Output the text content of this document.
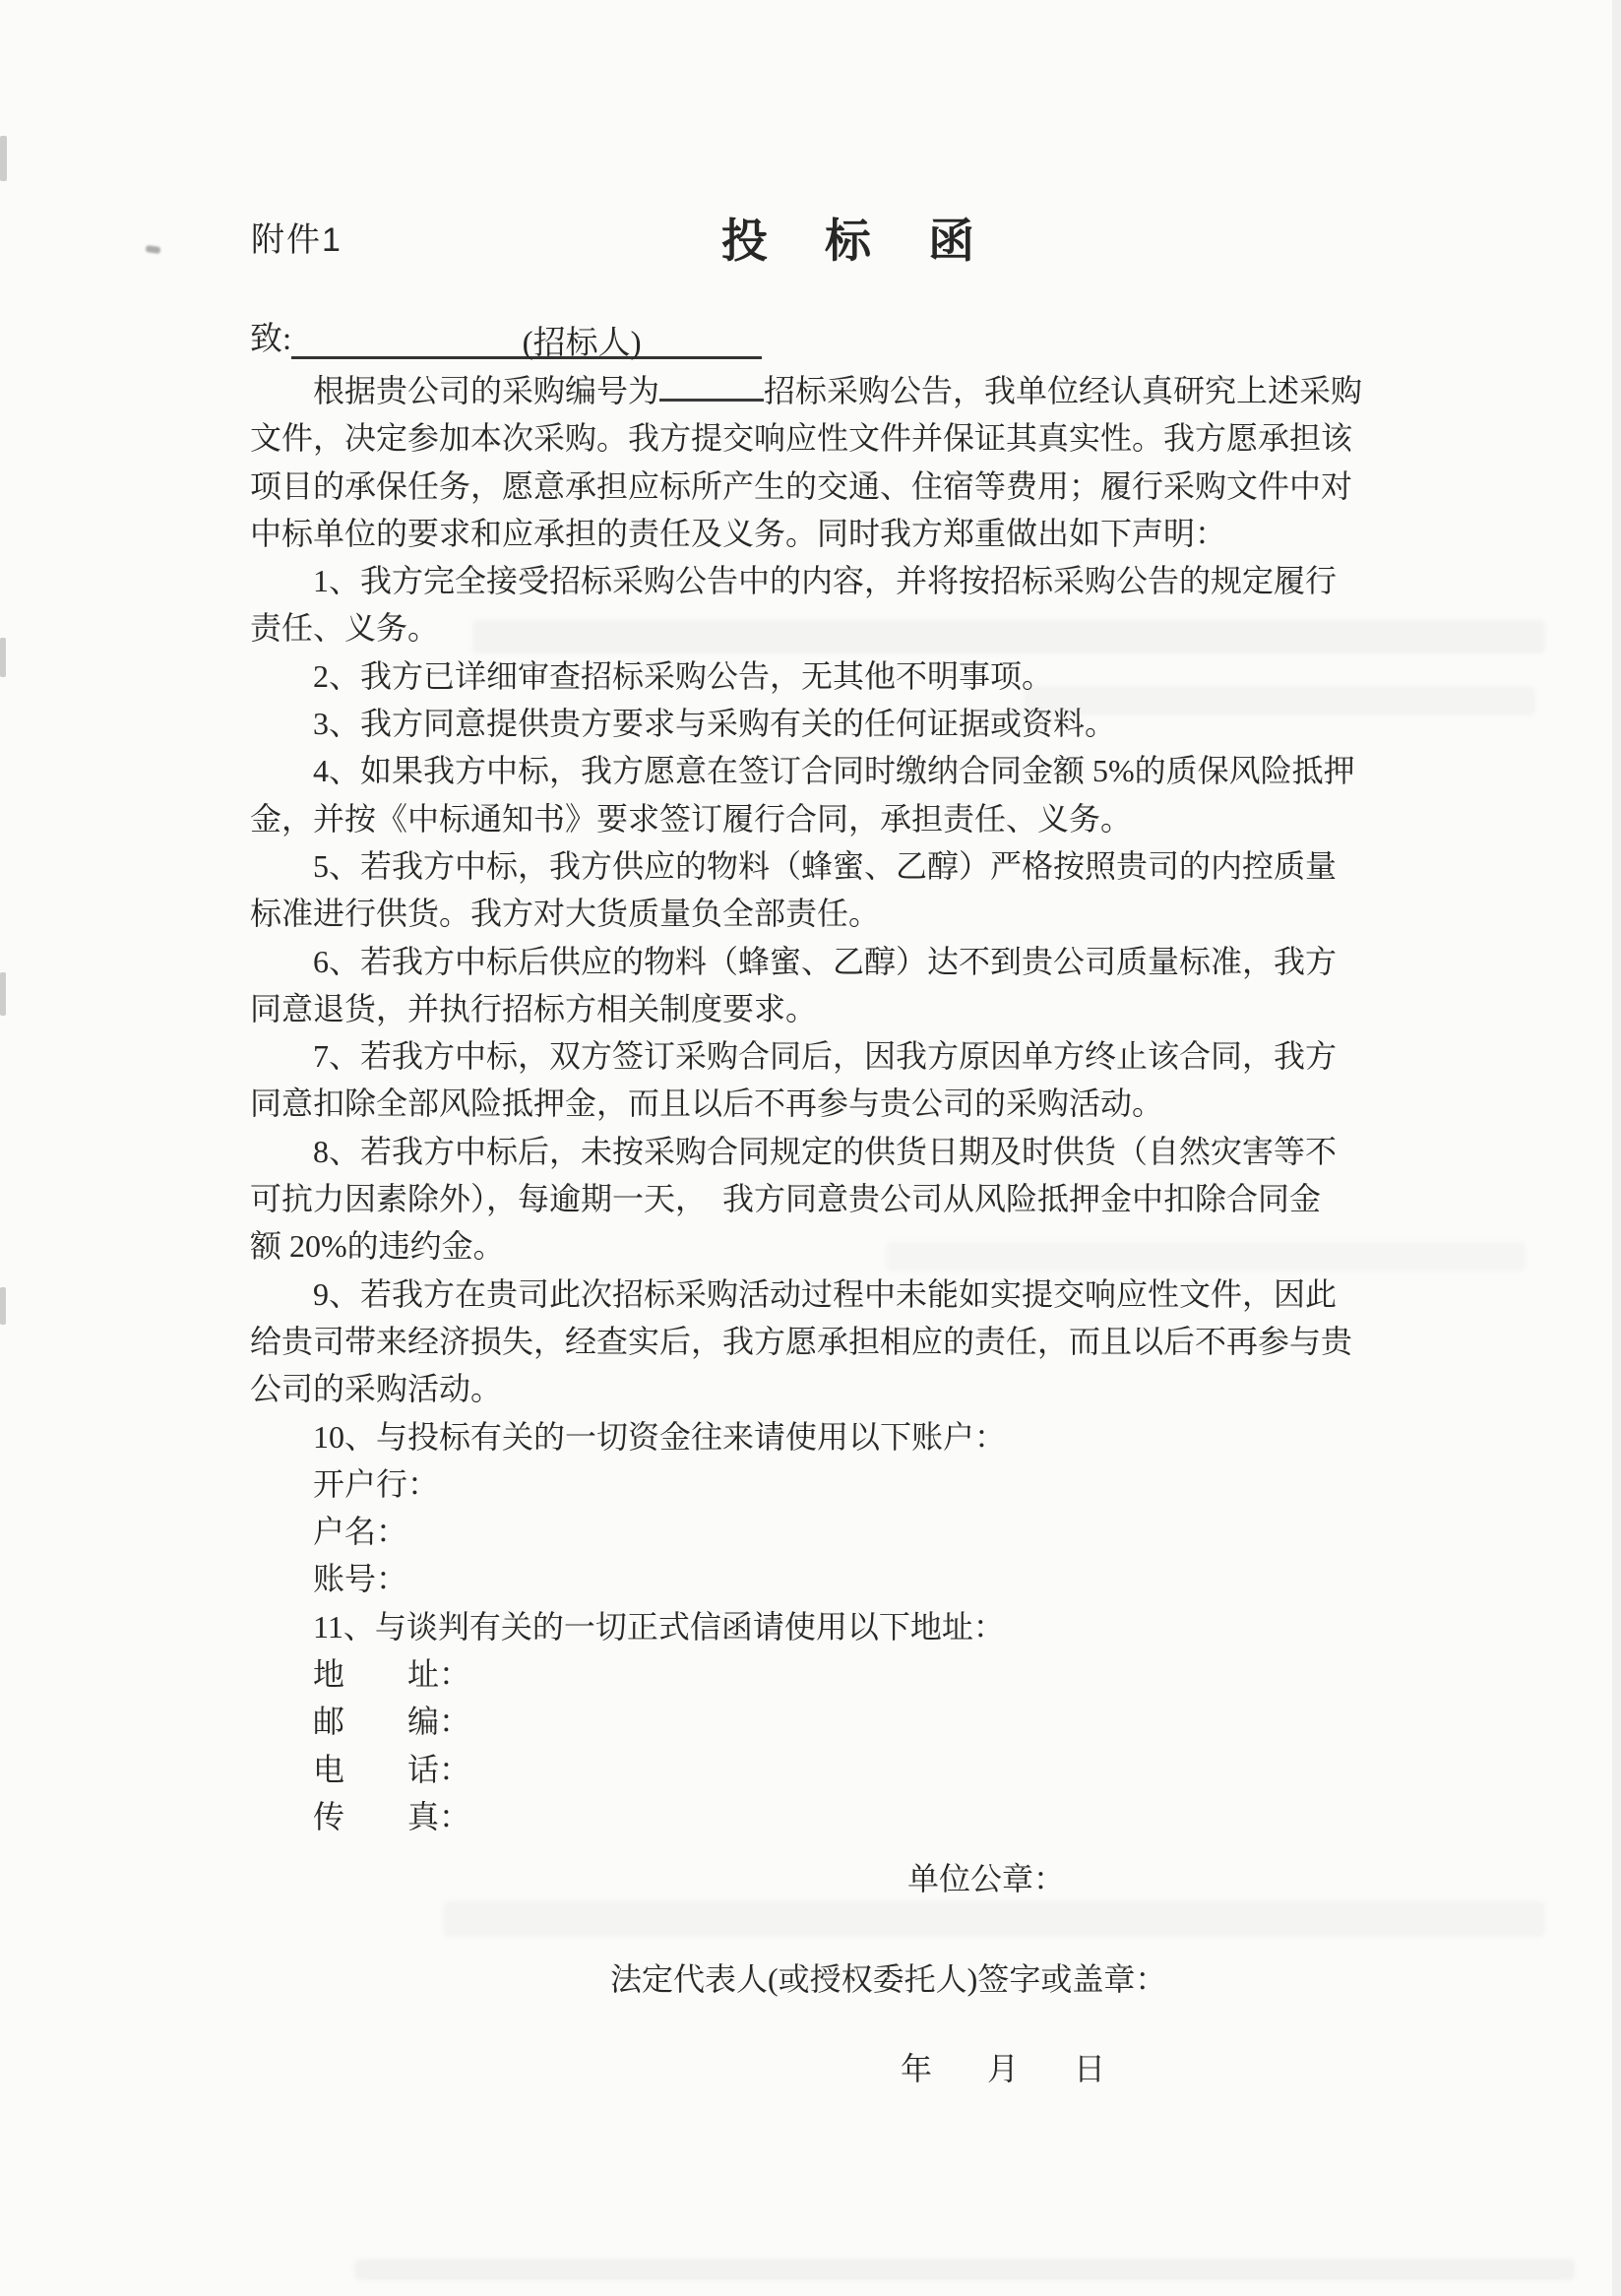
附件1	投标函
致:	(招标人)
根据贵公司的采购编号为	招标采购公告，我单位经认真研究上述采购
文件，决定参加本次采购。我方提交响应性文件并保证其真实性。我方愿承担该
项目的承保任务，愿意承担应标所产生的交通、住宿等费用；履行采购文件中对
中标单位的要求和应承担的责任及义务。同时我方郑重做出如下声明：
1、我方完全接受招标采购公告中的内容，并将按招标采购公告的规定履行
责任、义务。
2、我方已详细审查招标采购公告，无其他不明事项。
3、我方同意提供贵方要求与采购有关的任何证据或资料。
4、如果我方中标，我方愿意在签订合同时缴纳合同金额 5%的质保风险抵押
金，并按《中标通知书》要求签订履行合同，承担责任、义务。
5、若我方中标，我方供应的物料（蜂蜜、乙醇）严格按照贵司的内控质量
标准进行供货。我方对大货质量负全部责任。
6、若我方中标后供应的物料（蜂蜜、乙醇）达不到贵公司质量标准，我方
同意退货，并执行招标方相关制度要求。
7、若我方中标，双方签订采购合同后，因我方原因单方终止该合同，我方
同意扣除全部风险抵押金，而且以后不再参与贵公司的采购活动。
8、若我方中标后，未按采购合同规定的供货日期及时供货（自然灾害等不
可抗力因素除外），每逾期一天，　我方同意贵公司从风险抵押金中扣除合同金
额 20%的违约金。
9、若我方在贵司此次招标采购活动过程中未能如实提交响应性文件，因此
给贵司带来经济损失，经查实后，我方愿承担相应的责任，而且以后不再参与贵
公司的采购活动。
10、与投标有关的一切资金往来请使用以下账户：
开户行：
户名：
账号：
11、与谈判有关的一切正式信函请使用以下地址：
地　　址：
邮　　编：
电　　话：
传　　真：
单位公章：
法定代表人(或授权委托人)签字或盖章：
年月日
